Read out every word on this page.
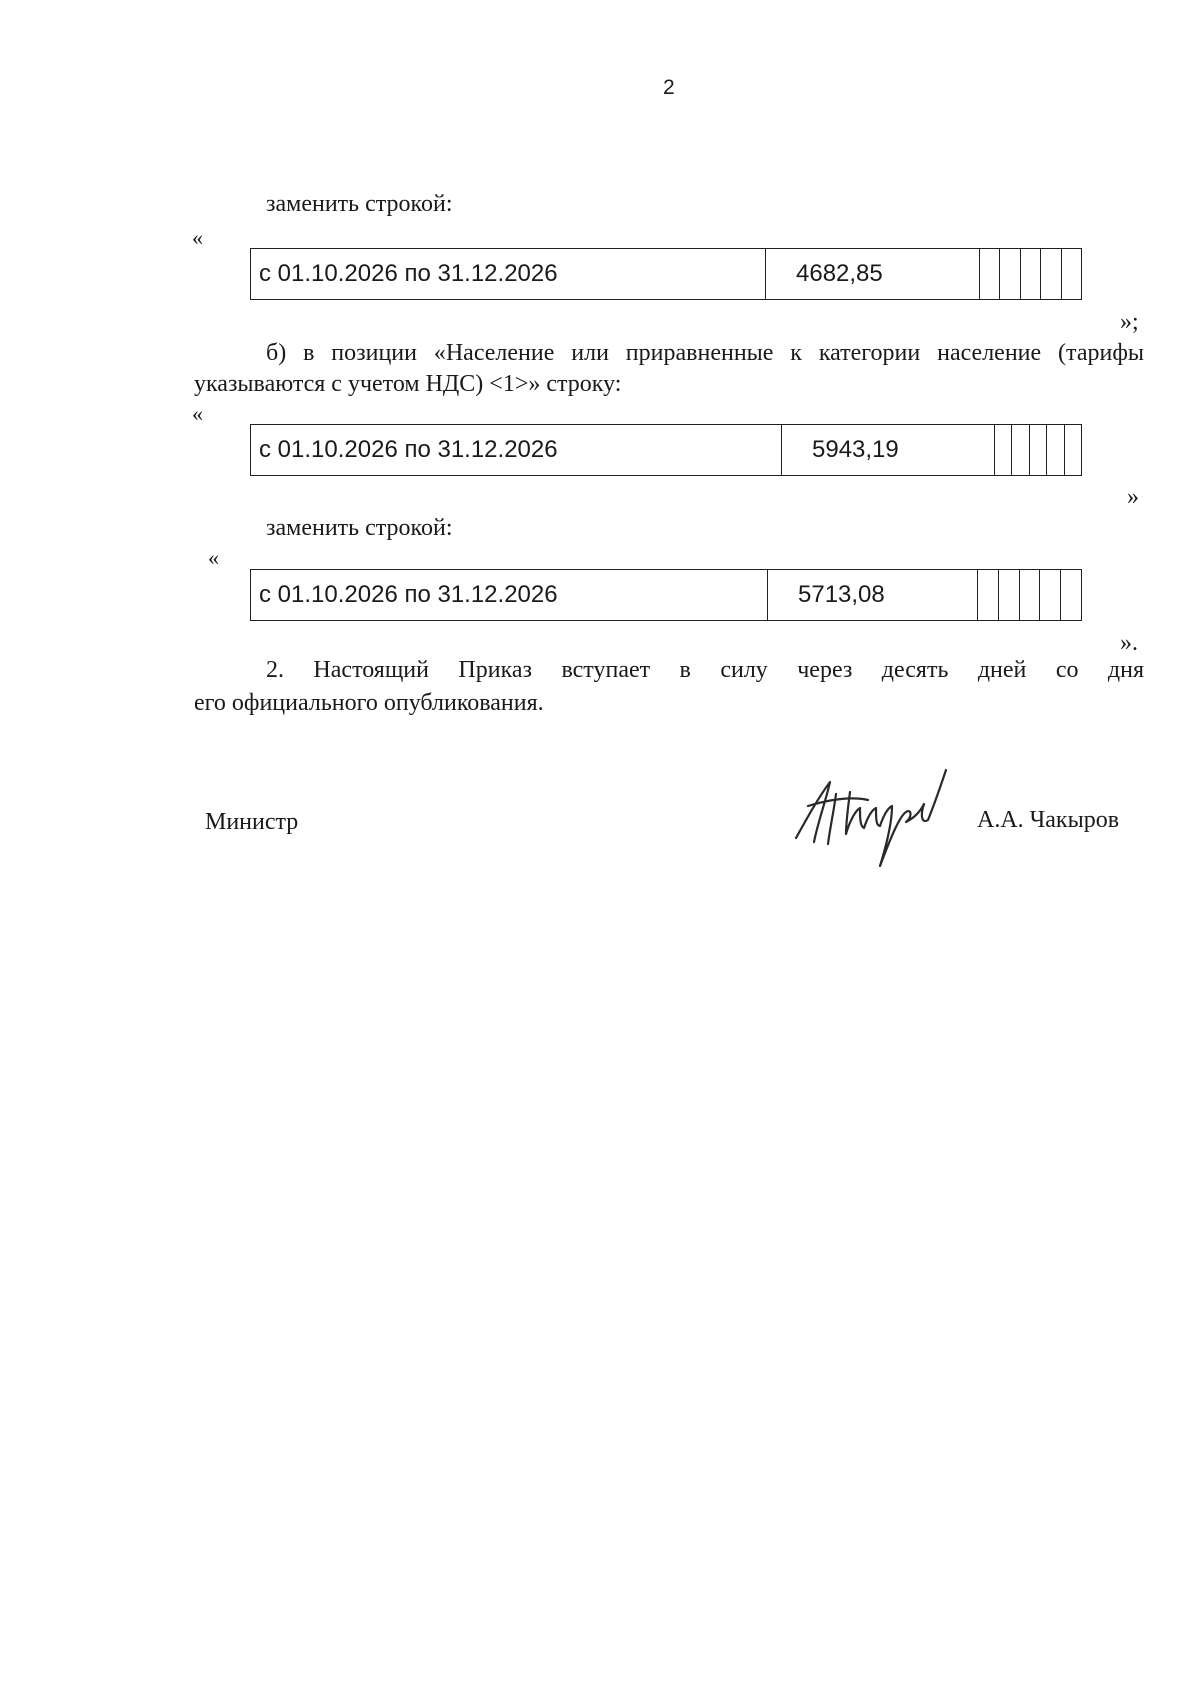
2
заменить строкой:
«
с 01.10.2026 по 31.12.2026	4682,85					
»;
б) в позиции «Население или приравненные к категории население (тарифы
указываются с учетом НДС) <1>» строку:
«
с 01.10.2026 по 31.12.2026	5943,19					
»
заменить строкой:
«
с 01.10.2026 по 31.12.2026	5713,08					
».
2. Настоящий Приказ вступает в силу через десять дней со дня
его официального опубликования.
Министр	А.А. Чакыров
